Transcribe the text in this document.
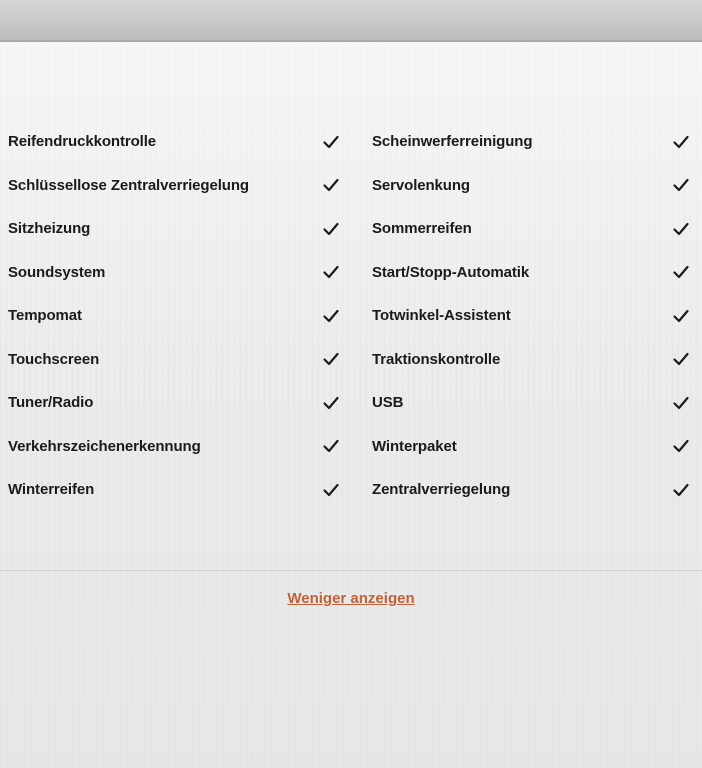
Reifendruckkontrolle
Schlüssellose Zentralverriegelung
Sitzheizung
Soundsystem
Tempomat
Touchscreen
Tuner/Radio
Verkehrszeichenerkennung
Winterreifen
Scheinwerferreinigung
Servolenkung
Sommerreifen
Start/Stopp-Automatik
Totwinkel-Assistent
Traktionskontrolle
USB
Winterpaket
Zentralverriegelung
Weniger anzeigen
